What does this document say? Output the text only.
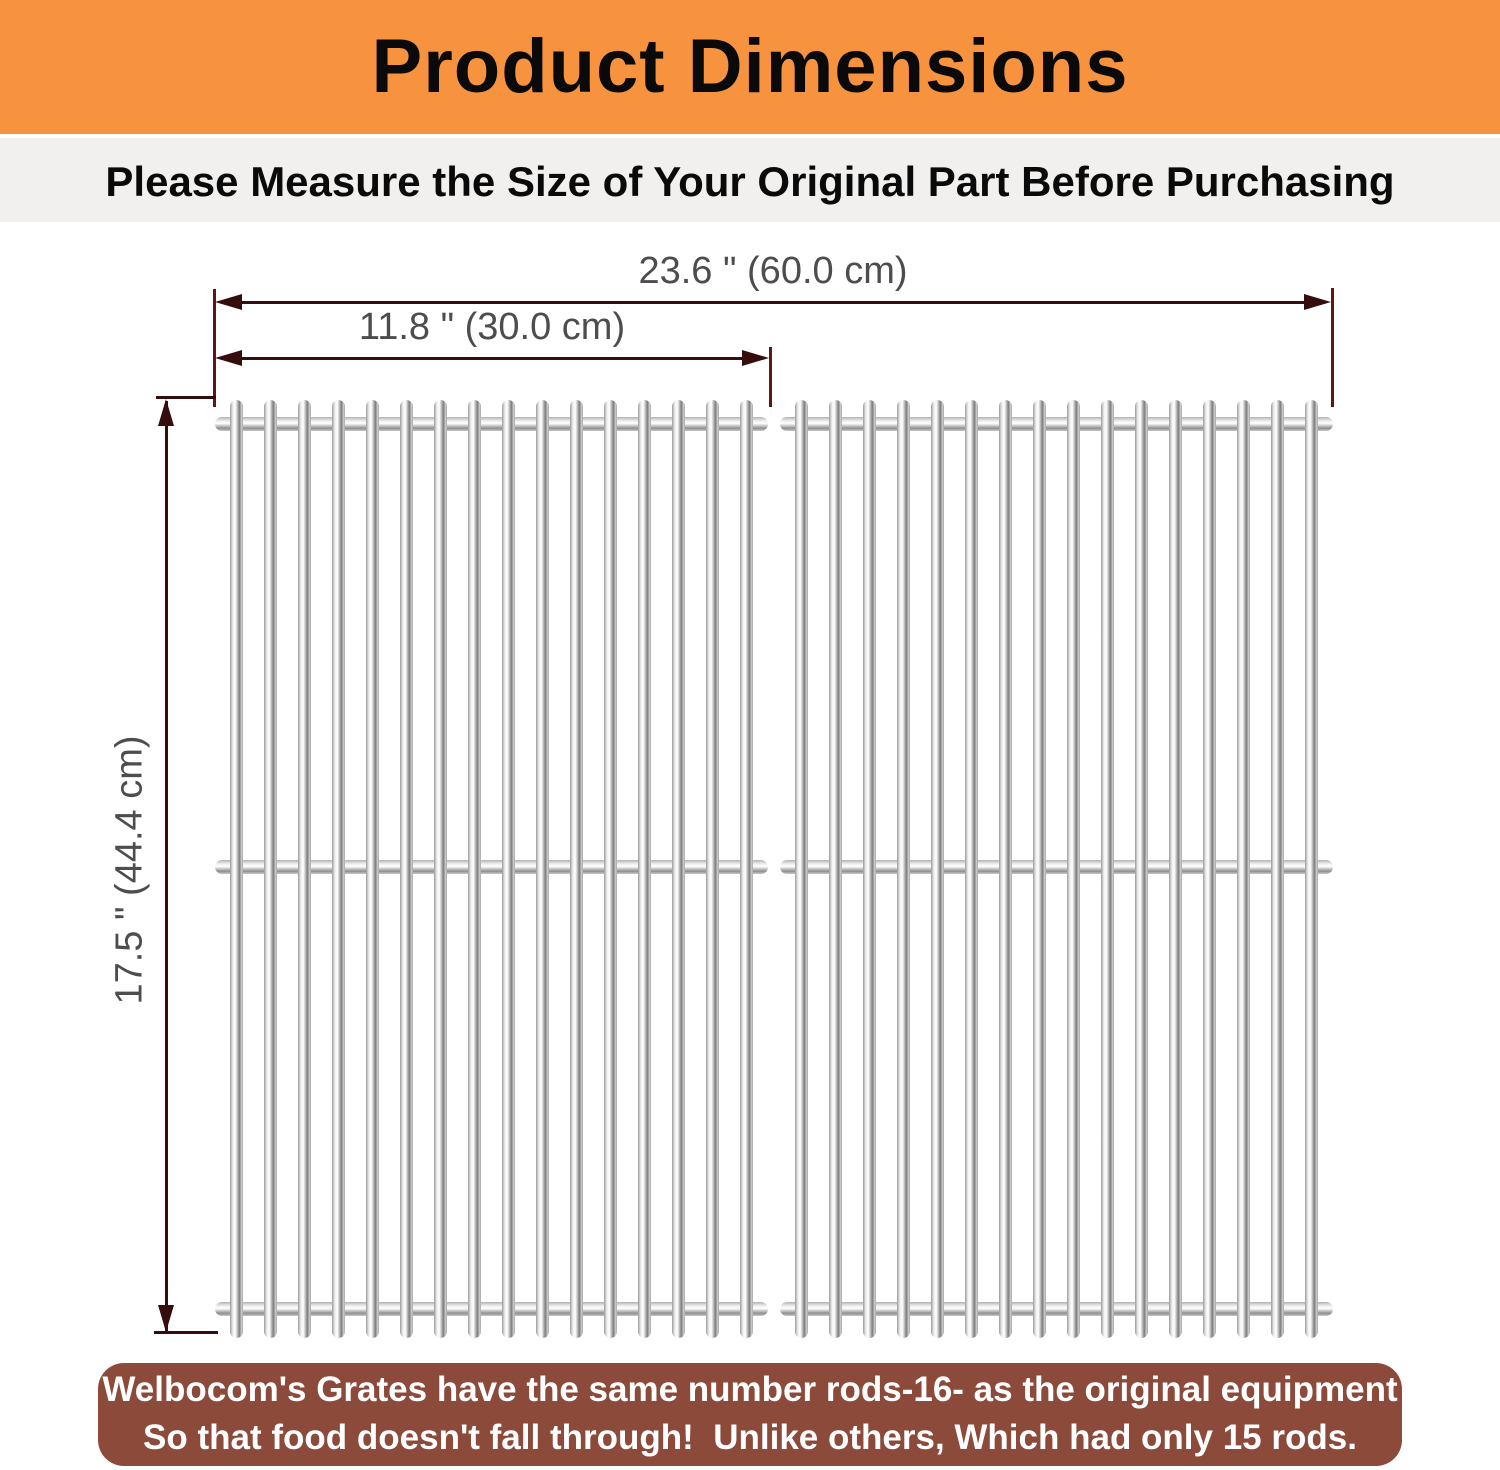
Product Dimensions
Please Measure the Size of Your Original Part Before Purchasing
23.6 " (60.0 cm)
11.8 " (30.0 cm)
17.5 " (44.4 cm)

Welbocom's Grates have the same number rods-16- as the original equipment

So that food doesn't fall through!  Unlike others, Which had only 15 rods.
